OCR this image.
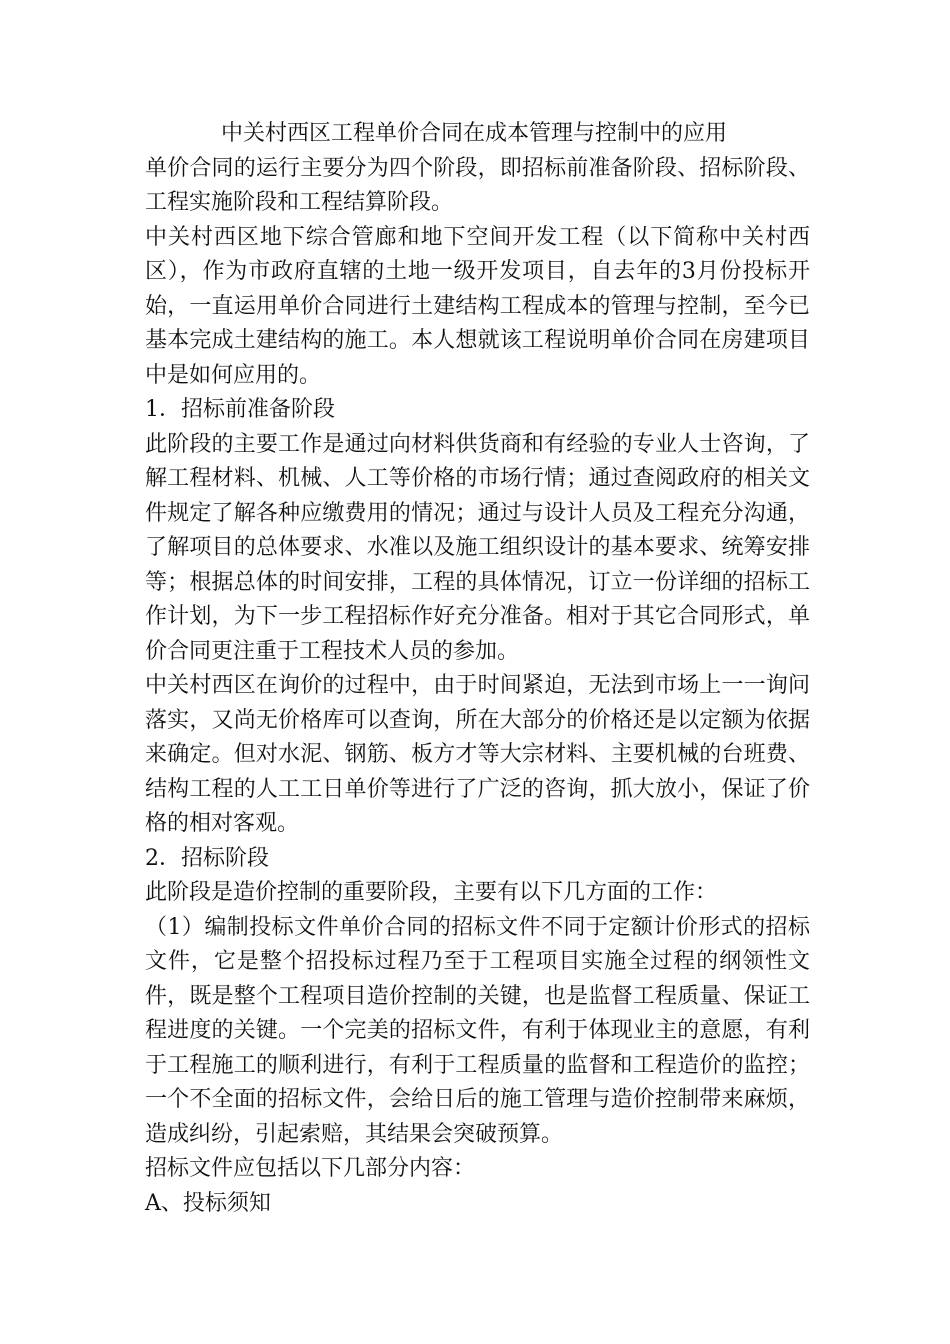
中关村西区工程单价合同在成本管理与控制中的应用

单价合同的运行主要分为四个阶段，即招标前准备阶段、招标阶段、工程实施阶段和工程结算阶段。

中关村西区地下综合管廊和地下空间开发工程（以下简称中关村西区），作为市政府直辖的土地一级开发项目，自去年的3月份投标开始，一直运用单价合同进行土建结构工程成本的管理与控制，至今已基本完成土建结构的施工。本人想就该工程说明单价合同在房建项目中是如何应用的。

1．招标前准备阶段

此阶段的主要工作是通过向材料供货商和有经验的专业人士咨询，了解工程材料、机械、人工等价格的市场行情；通过查阅政府的相关文件规定了解各种应缴费用的情况；通过与设计人员及工程充分沟通，了解项目的总体要求、水准以及施工组织设计的基本要求、统筹安排等；根据总体的时间安排，工程的具体情况，订立一份详细的招标工作计划，为下一步工程招标作好充分准备。相对于其它合同形式，单价合同更注重于工程技术人员的参加。

中关村西区在询价的过程中，由于时间紧迫，无法到市场上一一询问落实，又尚无价格库可以查询，所在大部分的价格还是以定额为依据来确定。但对水泥、钢筋、板方才等大宗材料、主要机械的台班费、结构工程的人工工日单价等进行了广泛的咨询，抓大放小，保证了价格的相对客观。

2．招标阶段

此阶段是造价控制的重要阶段，主要有以下几方面的工作：

（1）编制投标文件单价合同的招标文件不同于定额计价形式的招标文件，它是整个招投标过程乃至于工程项目实施全过程的纲领性文件，既是整个工程项目造价控制的关键，也是监督工程质量、保证工程进度的关键。一个完美的招标文件，有利于体现业主的意愿，有利于工程施工的顺利进行，有利于工程质量的监督和工程造价的监控；一个不全面的招标文件，会给日后的施工管理与造价控制带来麻烦，造成纠纷，引起索赔，其结果会突破预算。

招标文件应包括以下几部分内容：

A、投标须知
